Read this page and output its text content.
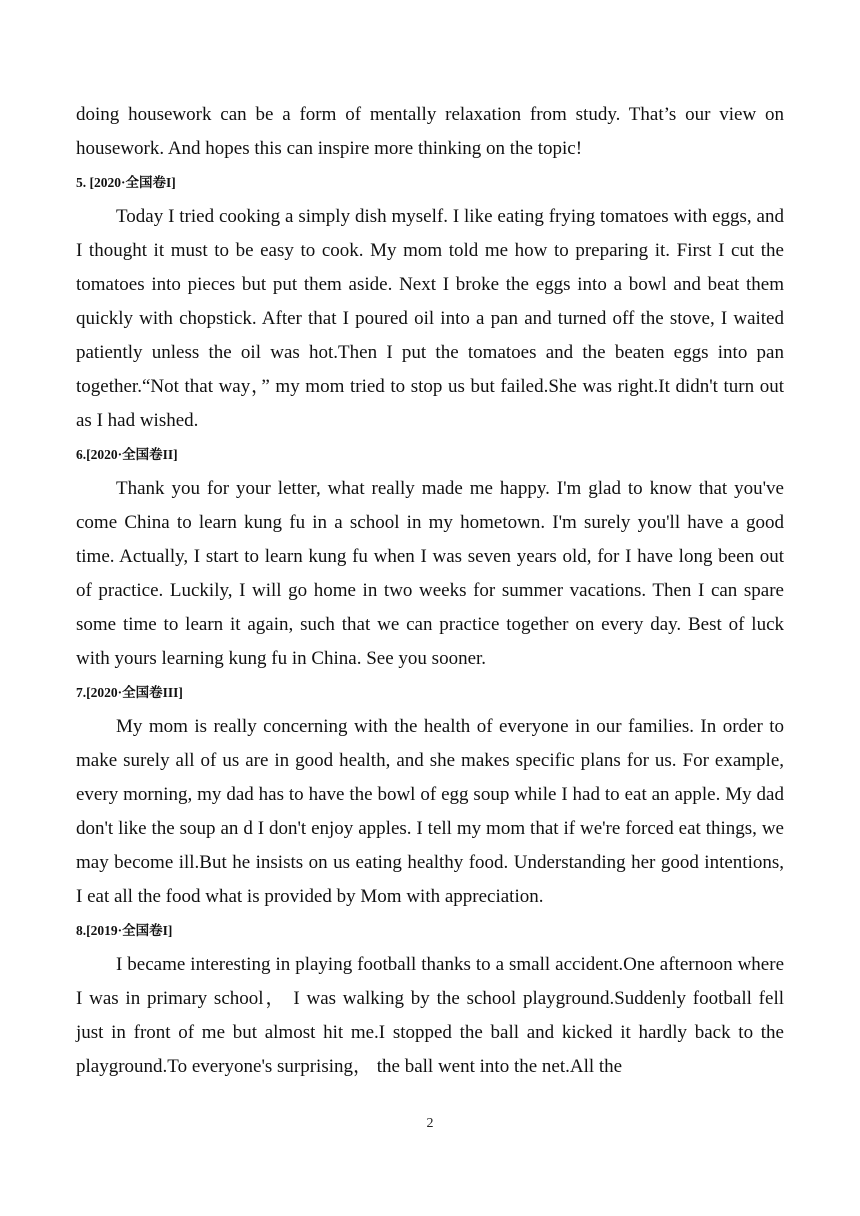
doing housework can be a form of mentally relaxation from study. That’s our view on housework. And hopes this can inspire more thinking on the topic!

5. [2020·全国卷I]

Today I tried cooking a simply dish myself. I like eating frying tomatoes with eggs, and I thought it must to be easy to cook. My mom told me how to preparing it. First I cut the tomatoes into pieces but put them aside. Next I broke the eggs into a bowl and beat them quickly with chopstick. After that I poured oil into a pan and turned off the stove, I waited patiently unless the oil was hot.Then I put the tomatoes and the beaten eggs into pan together.“Not that way，” my mom tried to stop us but failed.She was right.It didn't turn out as I had wished.

6.[2020·全国卷II]

Thank you for your letter, what really made me happy. I'm glad to know that you've come China to learn kung fu in a school in my hometown. I'm surely you'll have a good time. Actually, I start to learn kung fu when I was seven years old, for I have long been out of practice. Luckily, I will go home in two weeks for summer vacations. Then I can spare some time to learn it again, such that we can practice together on every day. Best of luck with yours learning kung fu in China. See you sooner.

7.[2020·全国卷III]

My mom is really concerning with the health of everyone in our families. In order to make surely all of us are in good health, and she makes specific plans for us. For example, every morning, my dad has to have the bowl of egg soup while I had to eat an apple. My dad don't like the soup an d I don't enjoy apples. I tell my mom that if we're forced eat things, we may become ill.But he insists on us eating healthy food. Understanding her good intentions, I eat all the food what is provided by Mom with appreciation.

8.[2019·全国卷I]

I became interesting in playing football thanks to a small accident.One afternoon where I was in primary school， I was walking by the school playground.Suddenly football fell just in front of me but almost hit me.I stopped the ball and kicked it hardly back to the playground.To everyone's surprising， the ball went into the net.All the

2
